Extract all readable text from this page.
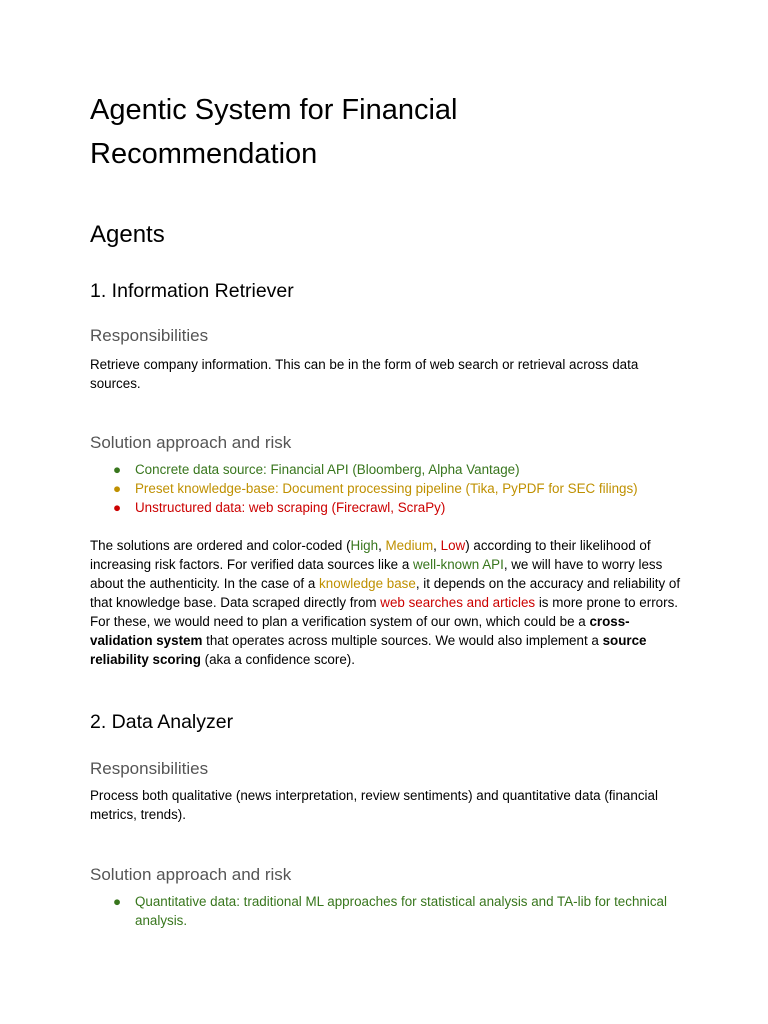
Agentic System for Financial Recommendation
Agents
1. Information Retriever
Responsibilities

Retrieve company information. This can be in the form of web search or retrieval across data sources.

Solution approach and risk
● Concrete data source: Financial API (Bloomberg, Alpha Vantage)
● Preset knowledge-base: Document processing pipeline (Tika, PyPDF for SEC filings)
● Unstructured data: web scraping (Firecrawl, ScraPy)

The solutions are ordered and color-coded (High, Medium, Low) according to their likelihood of increasing risk factors. For verified data sources like a well-known API, we will have to worry less about the authenticity. In the case of a knowledge base, it depends on the accuracy and reliability of that knowledge base. Data scraped directly from web searches and articles is more prone to errors. For these, we would need to plan a verification system of our own, which could be a cross-validation system that operates across multiple sources. We would also implement a source reliability scoring (aka a confidence score).

2. Data Analyzer
Responsibilities

Process both qualitative (news interpretation, review sentiments) and quantitative data (financial metrics, trends).

Solution approach and risk
● Quantitative data: traditional ML approaches for statistical analysis and TA-lib for technical analysis.
